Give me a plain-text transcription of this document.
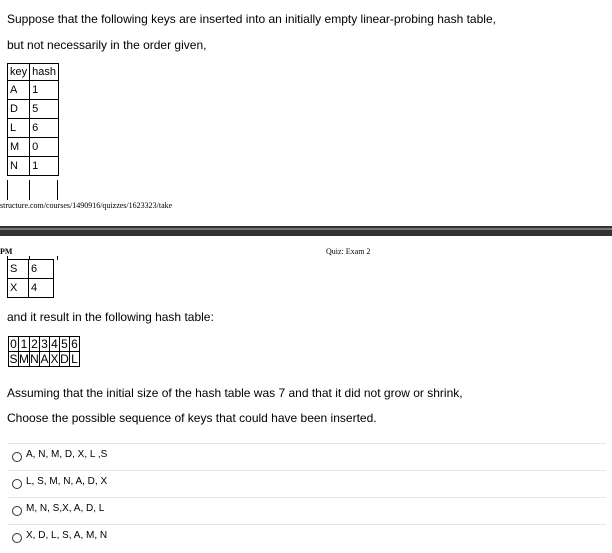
Suppose that the following keys are inserted into an initially empty linear-probing hash table,
but not necessarily in the order given,
key	hash
A	1
D	5
L	6
M	0
N	1
structure.com/courses/1490916/quizzes/1623323/take
PM	Quiz: Exam 2
S	6
X	4
and it result in the following hash table:
0	1	2	3	4	5	6
S	M	N	A	X	D	L
Assuming that the initial size of the hash table was 7 and that it did not grow or shrink,
Choose the possible sequence of keys that could have been inserted.
A, N, M, D, X, L ,S
L, S, M, N, A, D, X
M, N, S,X, A, D, L
X, D, L, S, A, M, N
